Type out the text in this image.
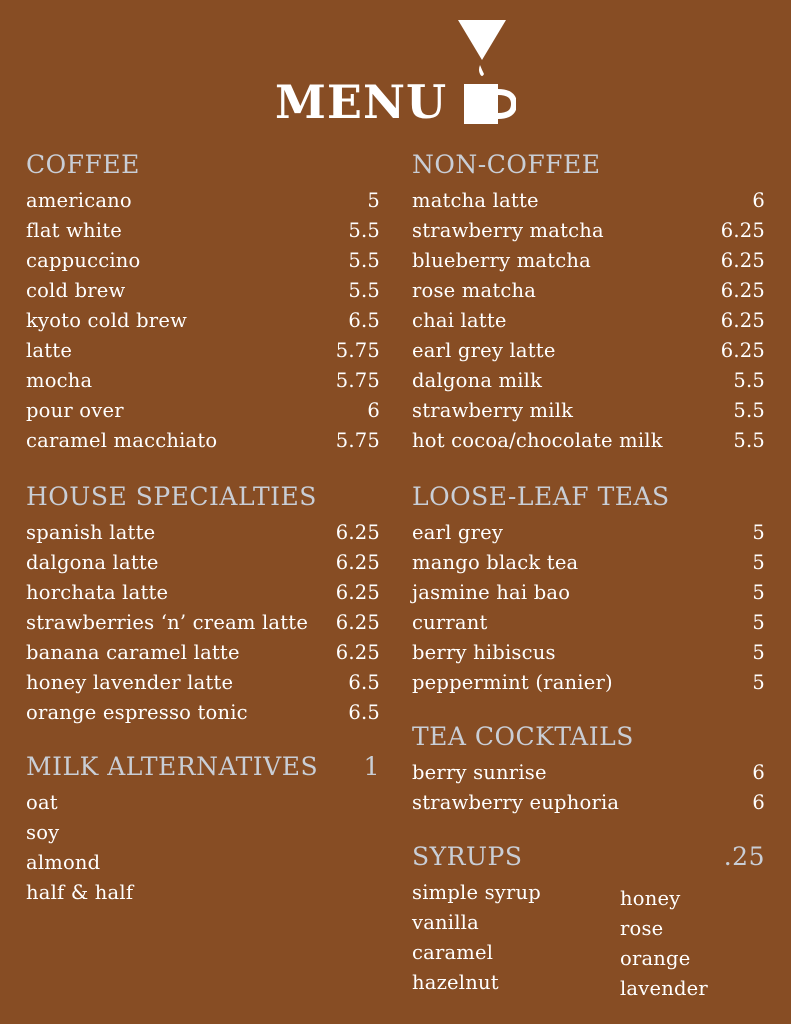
MENU
COFFEE
americano	5
flat white	5.5
cappuccino	5.5
cold brew	5.5
kyoto cold brew	6.5
latte	5.75
mocha	5.75
pour over	6
caramel macchiato	5.75
HOUSE SPECIALTIES
spanish latte	6.25
dalgona latte	6.25
horchata latte	6.25
strawberries ‘n’ cream latte 6.25
banana caramel latte	6.25
honey lavender latte	6.5
orange espresso tonic	6.5
MILK ALTERNATIVES 1
oat
soy
almond
half & half
NON-COFFEE
matcha latte	6
strawberry matcha	6.25
blueberry matcha	6.25
rose matcha	6.25
chai latte	6.25
earl grey latte	6.25
dalgona milk	5.5
strawberry milk	5.5
hot cocoa/chocolate milk	5.5
LOOSE-LEAF TEAS
earl grey	5
mango black tea	5
jasmine hai bao	5
currant	5
berry hibiscus	5
peppermint (ranier)	5
TEA COCKTAILS
berry sunrise	6
strawberry euphoria	6
SYRUPS	.25
simple syrup
vanilla
caramel
hazelnut
honey
rose
orange
lavender
